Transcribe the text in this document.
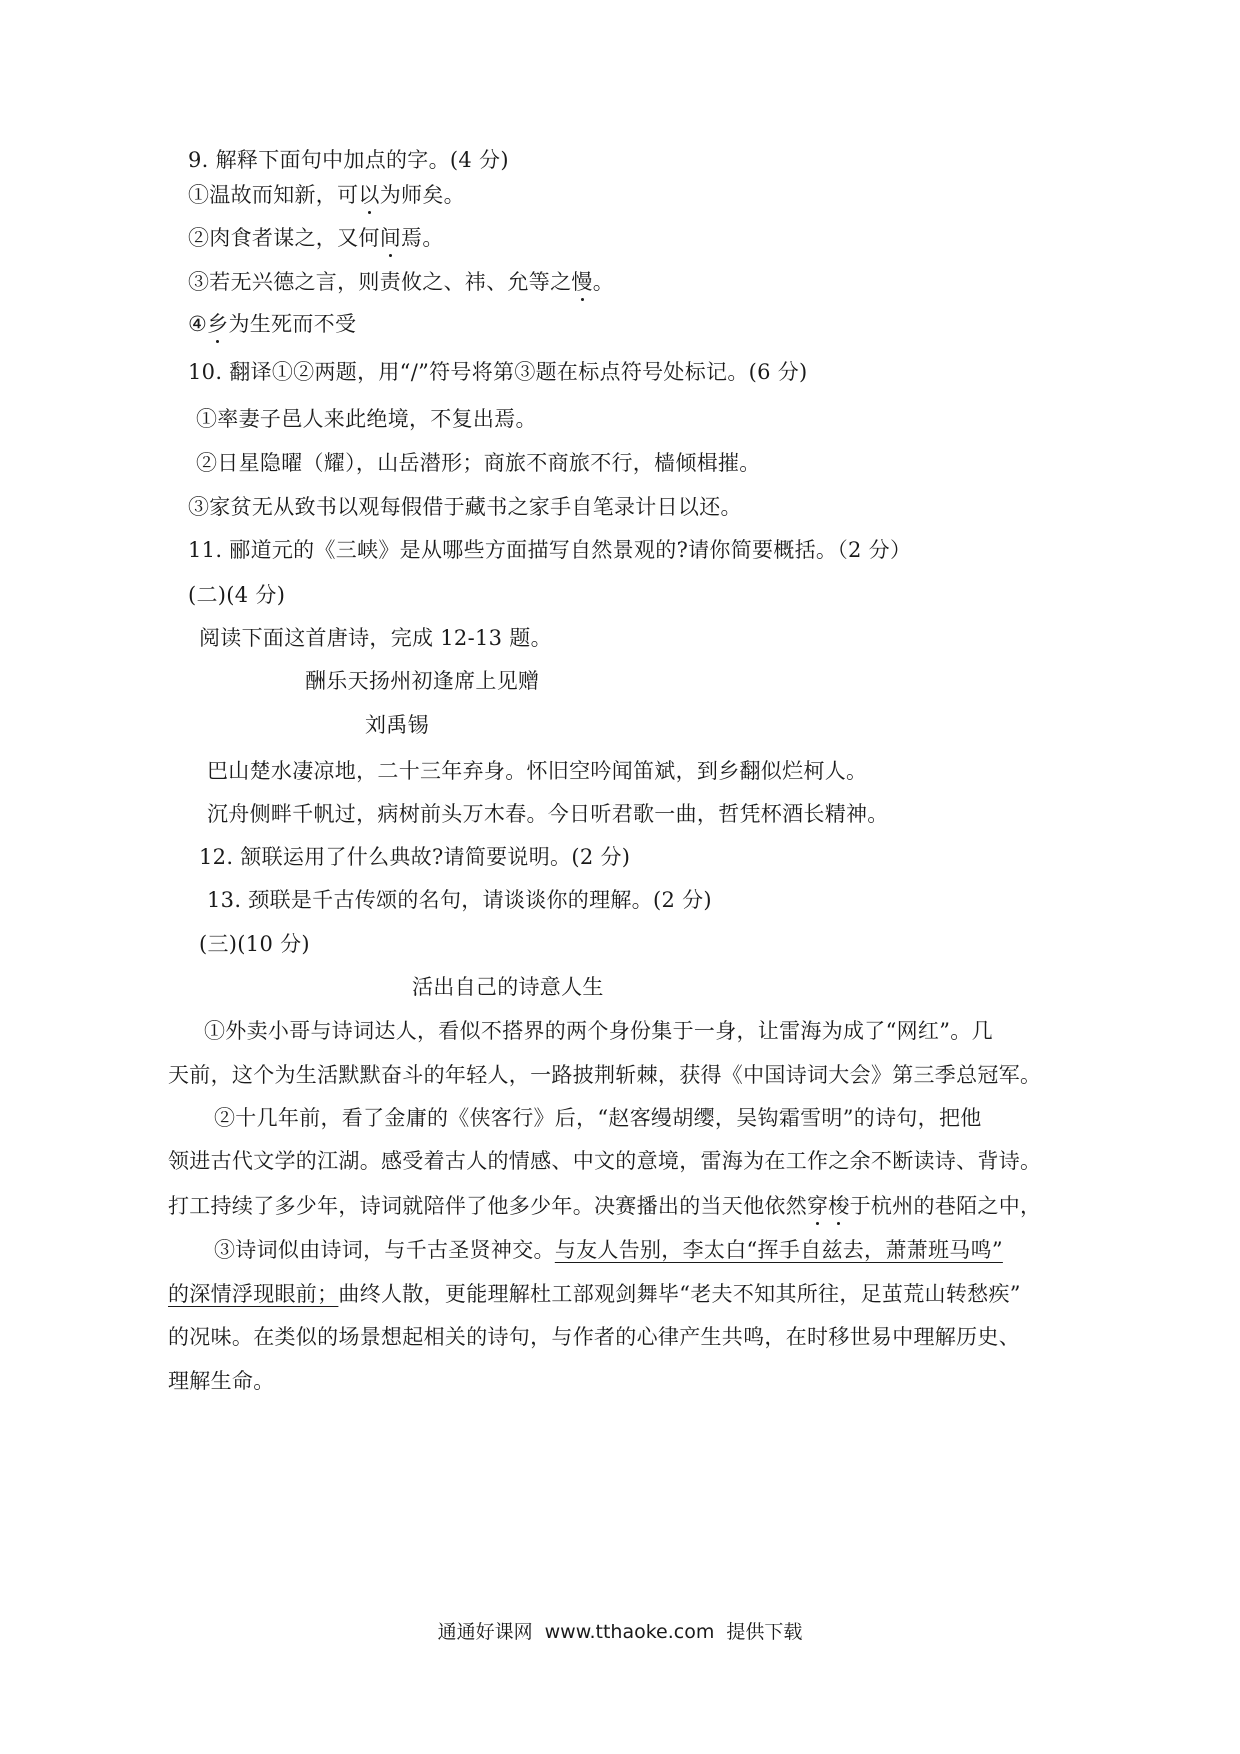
9. 解释下面句中加点的字。(4 分)
①温故而知新，可以为师矣。
②肉食者谋之，又何间焉。
③若无兴德之言，则责攸之、祎、允等之慢。
④乡为生死而不受
10. 翻译①②两题，用“/”符号将第③题在标点符号处标记。(6 分)
①率妻子邑人来此绝境，不复出焉。
②日星隐曜（耀），山岳潜形；商旅不商旅不行，樯倾楫摧。
③家贫无从致书以观每假借于藏书之家手自笔录计日以还。
11. 郦道元的《三峡》是从哪些方面描写自然景观的?请你简要概括。（2 分）
(二)(4 分)
阅读下面这首唐诗，完成 12-13 题。
酬乐天扬州初逢席上见赠
刘禹锡
巴山楚水凄凉地，二十三年弃身。怀旧空吟闻笛斌，到乡翻似烂柯人。
沉舟侧畔千帆过，病树前头万木春。今日听君歌一曲，哲凭杯酒长精神。
12. 颔联运用了什么典故?请简要说明。(2 分)
13. 颈联是千古传颂的名句，请谈谈你的理解。(2 分)
(三)(10 分)
活出自己的诗意人生
①外卖小哥与诗词达人，看似不搭界的两个身份集于一身，让雷海为成了“网红”。几
天前，这个为生活默默奋斗的年轻人，一路披荆斩棘，获得《中国诗词大会》第三季总冠军。
②十几年前，看了金庸的《侠客行》后，“赵客缦胡缨，吴钩霜雪明”的诗句，把他
领进古代文学的江湖。感受着古人的情感、中文的意境，雷海为在工作之余不断读诗、背诗。
打工持续了多少年，诗词就陪伴了他多少年。决赛播出的当天他依然穿梭于杭州的巷陌之中，
③诗词似由诗词，与千古圣贤神交。与友人告别，李太白“挥手自兹去，萧萧班马鸣”
的深情浮现眼前；曲终人散，更能理解杜工部观剑舞毕“老夫不知其所往，足茧荒山转愁疾”
的况味。在类似的场景想起相关的诗句，与作者的心律产生共鸣，在时移世易中理解历史、
理解生命。
通通好课网 www.tthaoke.com 提供下载
